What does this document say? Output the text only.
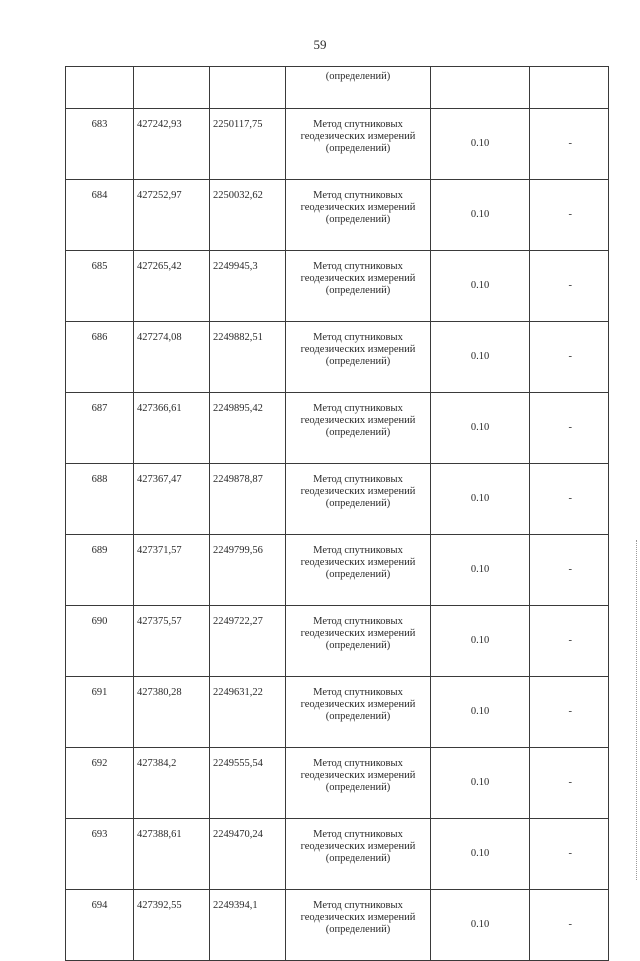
59

			(определений)		

683	427242,93	2250117,75	Метод спутниковых
геодезических измерений
(определений)	0.10	-
684	427252,97	2250032,62	Метод спутниковых
геодезических измерений
(определений)	0.10	-
685	427265,42	2249945,3	Метод спутниковых
геодезических измерений
(определений)	0.10	-
686	427274,08	2249882,51	Метод спутниковых
геодезических измерений
(определений)	0.10	-
687	427366,61	2249895,42	Метод спутниковых
геодезических измерений
(определений)	0.10	-
688	427367,47	2249878,87	Метод спутниковых
геодезических измерений
(определений)	0.10	-
689	427371,57	2249799,56	Метод спутниковых
геодезических измерений
(определений)	0.10	-
690	427375,57	2249722,27	Метод спутниковых
геодезических измерений
(определений)	0.10	-
691	427380,28	2249631,22	Метод спутниковых
геодезических измерений
(определений)	0.10	-
692	427384,2	2249555,54	Метод спутниковых
геодезических измерений
(определений)	0.10	-
693	427388,61	2249470,24	Метод спутниковых
геодезических измерений
(определений)	0.10	-
694	427392,55	2249394,1	Метод спутниковых
геодезических измерений
(определений)	0.10	-
